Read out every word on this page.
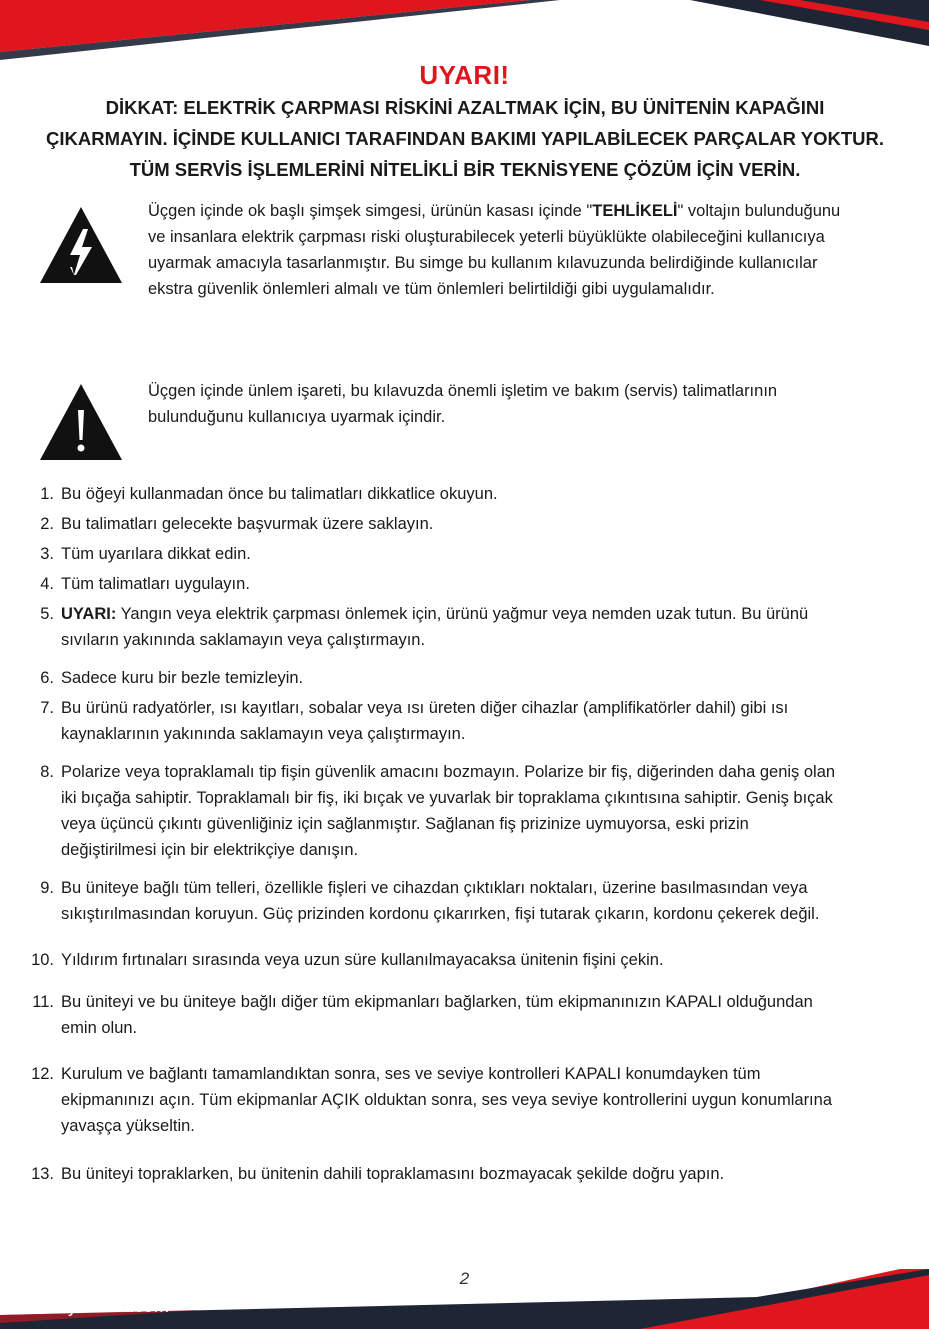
UYARI!
DİKKAT: ELEKTRİK ÇARPMASI RİSKİNİ AZALTMAK İÇİN, BU ÜNİTENİN KAPAĞINI ÇIKARMAYIN. İÇİNDE KULLANICI TARAFINDAN BAKIMI YAPILABİLECEK PARÇALAR YOKTUR. TÜM SERVİS İŞLEMLERİNİ NİTELİKLİ BİR TEKNİSYENE ÇÖZÜM İÇİN VERİN.
Üçgen içinde ok başlı şimşek simgesi, ürünün kasası içinde "TEHLİKELİ" voltajın bulunduğunu ve insanlara elektrik çarpması riski oluşturabilecek yeterli büyüklükte olabileceğini kullanıcıya uyarmak amacıyla tasarlanmıştır. Bu simge bu kullanım kılavuzunda belirdiğinde kullanıcılar ekstra güvenlik önlemleri almalı ve tüm önlemleri belirtildiği gibi uygulamalıdır.
Üçgen içinde ünlem işareti, bu kılavuzda önemli işletim ve bakım (servis) talimatlarının bulunduğunu kullanıcıya uyarmak içindir.
1. Bu öğeyi kullanmadan önce bu talimatları dikkatlice okuyun.
2. Bu talimatları gelecekte başvurmak üzere saklayın.
3. Tüm uyarılara dikkat edin.
4. Tüm talimatları uygulayın.
5. UYARI: Yangın veya elektrik çarpması önlemek için, ürünü yağmur veya nemden uzak tutun. Bu ürünü sıvıların yakınında saklamayın veya çalıştırmayın.
6. Sadece kuru bir bezle temizleyin.
7. Bu ürünü radyatörler, ısı kayıtları, sobalar veya ısı üreten diğer cihazlar (amplifikatörler dahil) gibi ısı kaynaklarının yakınında saklamayın veya çalıştırmayın.
8. Polarize veya topraklamalı tip fişin güvenlik amacını bozmayın. Polarize bir fiş, diğerinden daha geniş olan iki bıçağa sahiptir. Topraklamalı bir fiş, iki bıçak ve yuvarlak bir topraklama çıkıntısına sahiptir. Geniş bıçak veya üçüncü çıkıntı güvenliğiniz için sağlanmıştır. Sağlanan fiş prizinize uymuyorsa, eski prizin değiştirilmesi için bir elektrikçiye danışın.
9. Bu üniteye bağlı tüm telleri, özellikle fişleri ve cihazdan çıktıkları noktaları, üzerine basılmasından veya sıkıştırılmasından koruyun. Güç prizinden kordonu çıkarırken, fişi tutarak çıkarın, kordonu çekerek değil.
10. Yıldırım fırtınaları sırasında veya uzun süre kullanılmayacaksa ünitenin fişini çekin.
11. Bu üniteyi ve bu üniteye bağlı diğer tüm ekipmanları bağlarken, tüm ekipmanınızın KAPALI olduğundan emin olun.
12. Kurulum ve bağlantı tamamlandıktan sonra, ses ve seviye kontrolleri KAPALI konumdayken tüm ekipmanınızı açın. Tüm ekipmanlar AÇIK olduktan sonra, ses veya seviye kontrollerini uygun konumlarına yavaşça yükseltin.
13. Bu üniteyi topraklarken, bu ünitenin dahili topraklamasını bozmayacak şekilde doğru yapın.
2
www.PyleUSA.com
